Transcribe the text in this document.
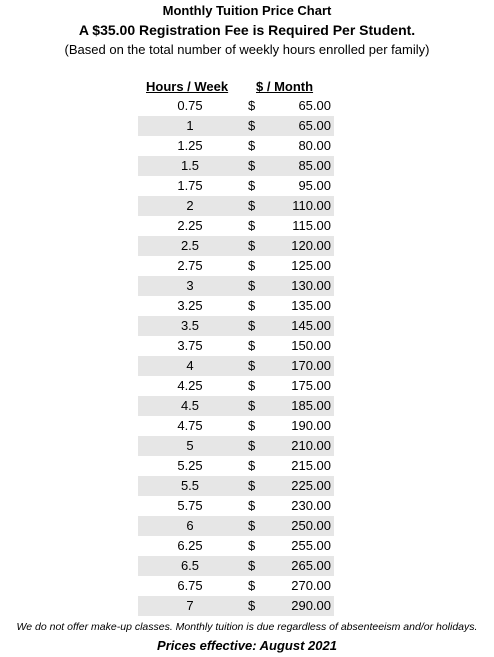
Monthly Tuition Price Chart
A $35.00 Registration Fee is Required Per Student.
(Based on the total number of weekly hours enrolled per family)
Hours / Week $ / Month
0.75	$	65.00
1	$	65.00
1.25	$	80.00
1.5	$	85.00
1.75	$	95.00
2	$	110.00
2.25	$	115.00
2.5	$	120.00
2.75	$	125.00
3	$	130.00
3.25	$	135.00
3.5	$	145.00
3.75	$	150.00
4	$	170.00
4.25	$	175.00
4.5	$	185.00
4.75	$	190.00
5	$	210.00
5.25	$	215.00
5.5	$	225.00
5.75	$	230.00
6	$	250.00
6.25	$	255.00
6.5	$	265.00
6.75	$	270.00
7	$	290.00
We do not offer make-up classes. Monthly tuition is due regardless of absenteeism and/or holidays.
Prices effective: August 2021
